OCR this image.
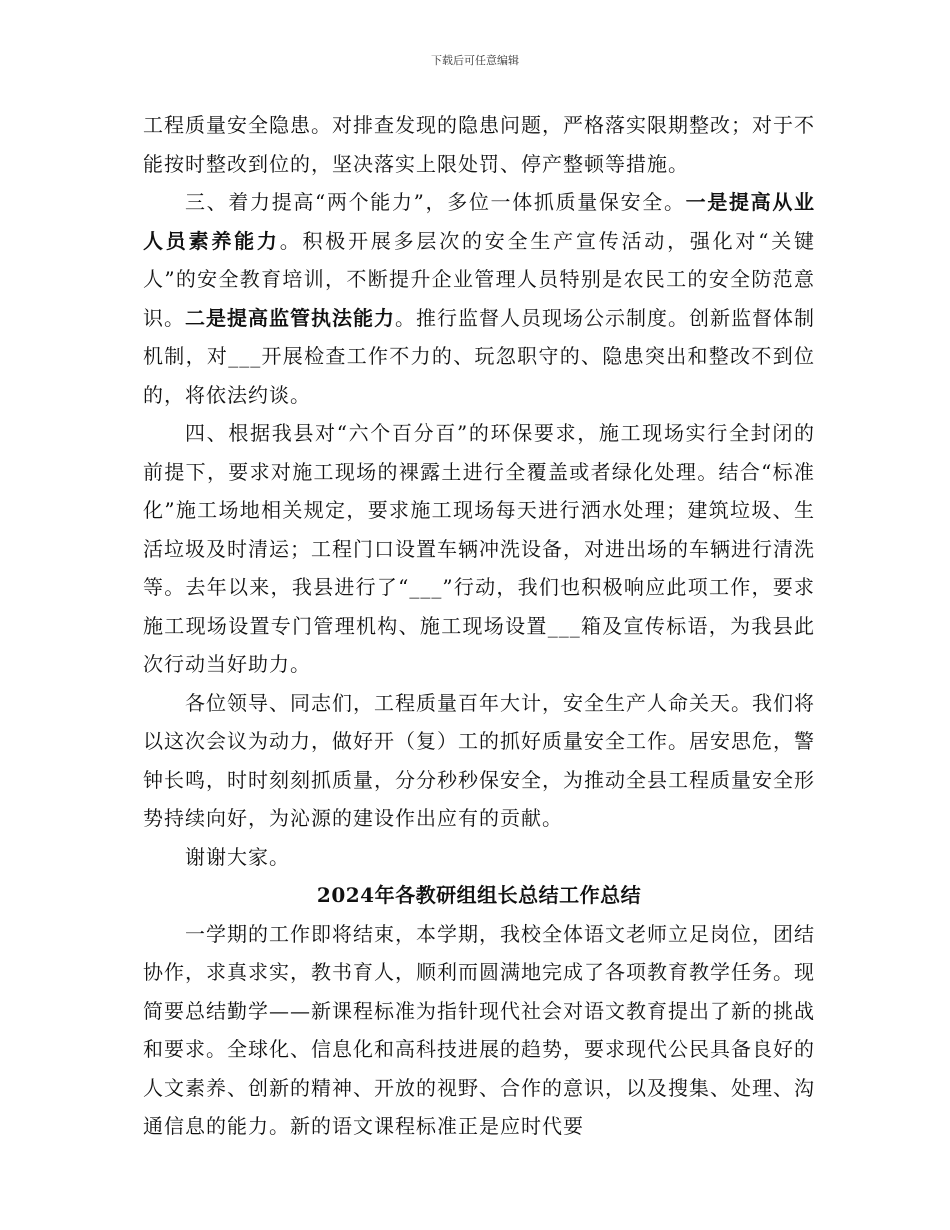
下载后可任意编辑

工程质量安全隐患。对排查发现的隐患问题，严格落实限期整改；对于不能按时整改到位的，坚决落实上限处罚、停产整顿等措施。

三、着力提高“两个能力”，多位一体抓质量保安全。一是提高从业人员素养能力。积极开展多层次的安全生产宣传活动，强化对“关键人”的安全教育培训，不断提升企业管理人员特别是农民工的安全防范意识。二是提高监管执法能力。推行监督人员现场公示制度。创新监督体制机制，对___开展检查工作不力的、玩忽职守的、隐患突出和整改不到位的，将依法约谈。

四、根据我县对“六个百分百”的环保要求，施工现场实行全封闭的前提下，要求对施工现场的裸露土进行全覆盖或者绿化处理。结合“标准化”施工场地相关规定，要求施工现场每天进行洒水处理；建筑垃圾、生活垃圾及时清运；工程门口设置车辆冲洗设备，对进出场的车辆进行清洗等。去年以来，我县进行了“___”行动，我们也积极响应此项工作，要求施工现场设置专门管理机构、施工现场设置___箱及宣传标语，为我县此次行动当好助力。

各位领导、同志们，工程质量百年大计，安全生产人命关天。我们将以这次会议为动力，做好开（复）工的抓好质量安全工作。居安思危，警钟长鸣，时时刻刻抓质量，分分秒秒保安全，为推动全县工程质量安全形势持续向好，为沁源的建设作出应有的贡献。

谢谢大家。

2024年各教研组组长总结工作总结

一学期的工作即将结束，本学期，我校全体语文老师立足岗位，团结协作，求真求实，教书育人，顺利而圆满地完成了各项教育教学任务。现简要总结勤学——新课程标准为指针现代社会对语文教育提出了新的挑战和要求。全球化、信息化和高科技进展的趋势，要求现代公民具备良好的人文素养、创新的精神、开放的视野、合作的意识，以及搜集、处理、沟通信息的能力。新的语文课程标准正是应时代要
